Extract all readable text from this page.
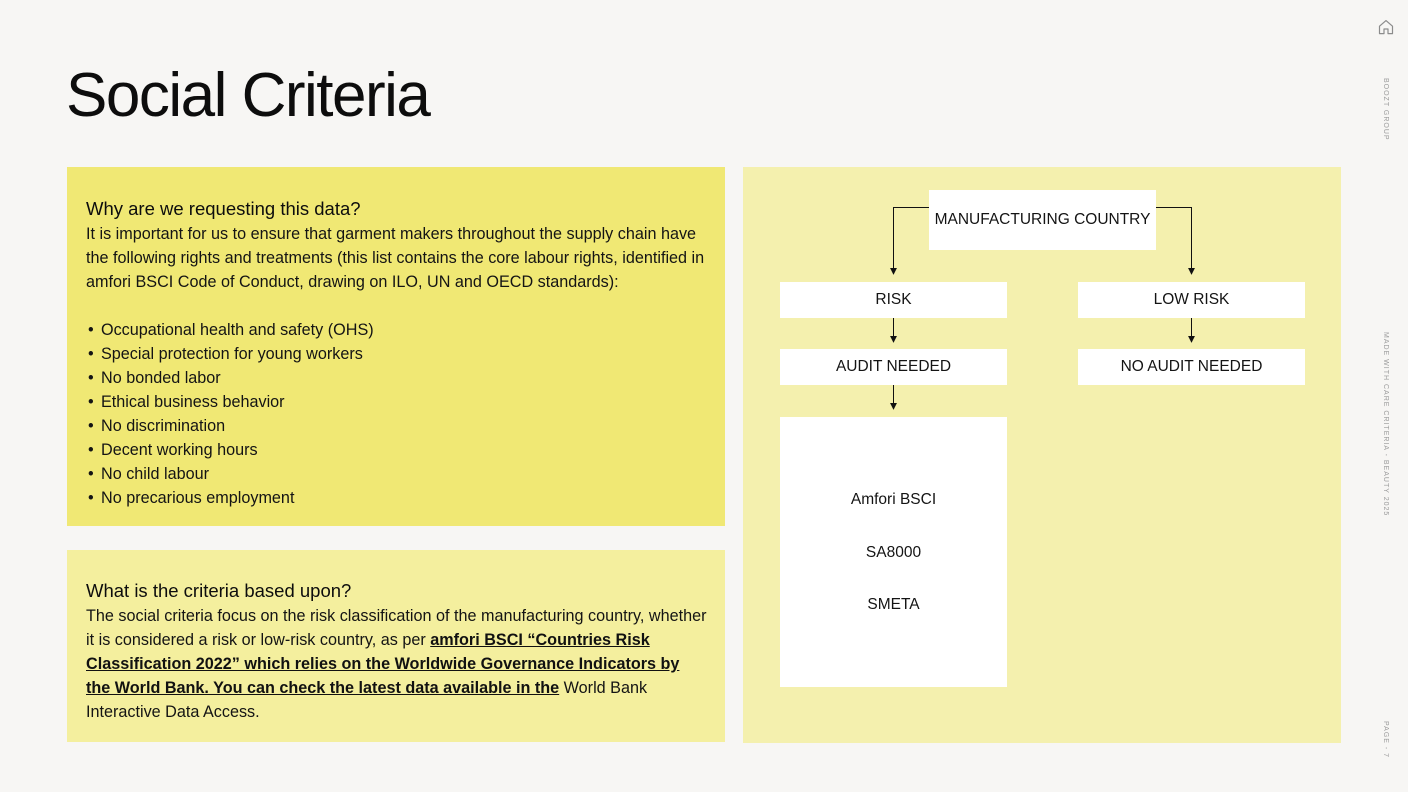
Social Criteria	BOOZT GROUP
MADE WITH CARE CRITERIA - BEAUTY 2025
PAGE - 7
Why are we requesting this data?

It is important for us to ensure that garment makers throughout the supply chain have the following rights and treatments (this list contains the core labour rights, identified in amfori BSCI Code of Conduct, drawing on ILO, UN and OECD standards):

• Occupational health and safety (OHS)
• Special protection for young workers
• No bonded labor
• Ethical business behavior
• No discrimination
• Decent working hours
• No child labour
• No precarious employment
What is the criteria based upon?

The social criteria focus on the risk classification of the manufacturing country, whether it is considered a risk or low-risk country, as per amfori BSCI “Countries Risk Classification 2022” which relies on the Worldwide Governance Indicators by the World Bank. You can check the latest data available in the World Bank Interactive Data Access.

MANUFACTURING COUNTRY
RISK	LOW RISK
AUDIT NEEDED	NO AUDIT NEEDED
Amfori BSCI
SA8000
SMETA
